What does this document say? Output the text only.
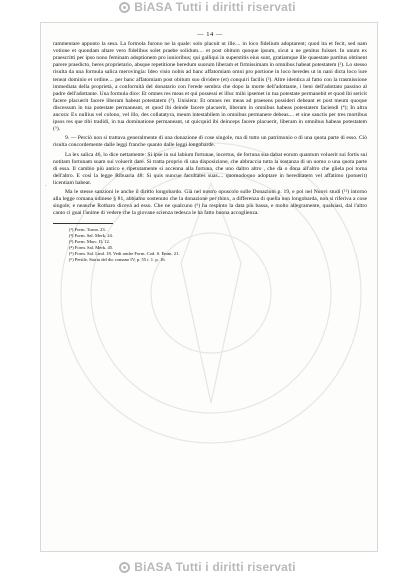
BiASA Tutti i diritti riservati
·
— 14 —

rammentare appunto la sesa. La formola furono ne la quale: solo placuit ut ille.... in loco fidelium adoptarent; quod ita et fecit, sed nam votione et quondam altare vero fidelibus solet praebe solidum.... et post obitum quoque ipsum, sicut a ne genitus fuisset. In unum ex praescritti per ipso nono feminam adoptionem pro iunioribus; qui galliqui in superstitis eius sunt, gratiamque ille quaestate partitus obtinent parere praedicto, heres proprietario, absque repetitione heredum suorum liberam et firmissimam in omnibus habeat potestatem (¹). Lo stesso risulta da una formula salica merovingia: Ideo visio nobis ad banc affatomiam omni pro portione in loco heredes ut in nani dicta loco iure teneat dominio et ordine.... per banc affatomiam post obitum suo dividere (et) conquiri facilis (²). Altre identica al fatto con la trasmissione immediata della proprietà, a conformità del donatario con l'erede sembra che dopo la morte dell'adottante, i beni dell'adottato passino al padre dell'adottante. Una formula dice: Et omnes res meas et qui possessi et illuc mihi ipsemet in tua potestate permanebit et quod ibi sericit facere placuerit facere liberam habeat potestatem (³). Unisiera: Et omnes res meas ad praesens possideri debeant et post meum quoque discessum in tua potestate permaneant, et quod ibi deinde facere placuerit, liberam in omnibus habeas potestatem faciendi (⁴); In altra ancora: Ex nullius vel colono, vel illo, des collatatyra, meum intestabilem in omnibus permanere debeas.... et sine sanctis per tres mortibus ipsos res que tibi tradidi, in tua dominatione permaneant, ut quicquid ibi deinceps facere placuerit, liberam in omnibus habeas potestatem (⁵).

9. — Perciò non si trattava generalmente di una donazione di cose singole, ma di tutto un patrimonio o di una quota parte di esso. Ciò risulta concordemente dalle leggi franche quanto dalle leggi longobarde.

La lex salica 46, lo dice nettamente: Si ipse in sui labium fortunae, incertus, de fortuna sua dabat eorum quantum voluerit sui fortis sui notitam fortunam suam sui voluerit dare. Si tratta proprio di una disposizione, che abbraccia tutta la sostanza di un uomo o una quota parte di essa. Il cambio più antico e ripetutamente si accenna alla fortuna, che uno daltro altro , che dà o dona all'altro che gliela poi torna dell'altro. E così la legge Ribuaria 48: Si quis nuncue facultates suas.... quomodoquo adoptare in hereditatem vel affatimo (potuerit) licentiam habeat.

Ma le stesse sanzioni le anche il diritto longobardo. Già nel nostro opuscolo sulle Donazioni p. 19, e poi nel Nuovi studi (¹²) intorno alla legge romana udinese § 81, abbiamo sostenuto che la donazione per thinx, a differenza di quella non longobarda, non si riferiva a cose singole; e neanche Rotharo diceva ad esso. Che ne qualcuno (⁶) ha respinto la data più bassa, e molto allegramente, qualsiasi, dal l'altro canto ci guai l'anime di vedere che la giovane scienza tedesca le ha fatto buona accoglienza.

(¹) Form. Turon. 23.
(²) Form. Sal. Merk. 24.
(³) Form. Marc. II, 12.
(⁴) Form. Sal. Merk. 45.
(⁵) Form. Sal. Lind. 18. Vedi anche Form. Cod. S. Emm. 21.
(⁶) Pertile, Storia del dir. romano IV, p. 55 t. 1. p. 16.
BiASA Tutti i diritti riservati
